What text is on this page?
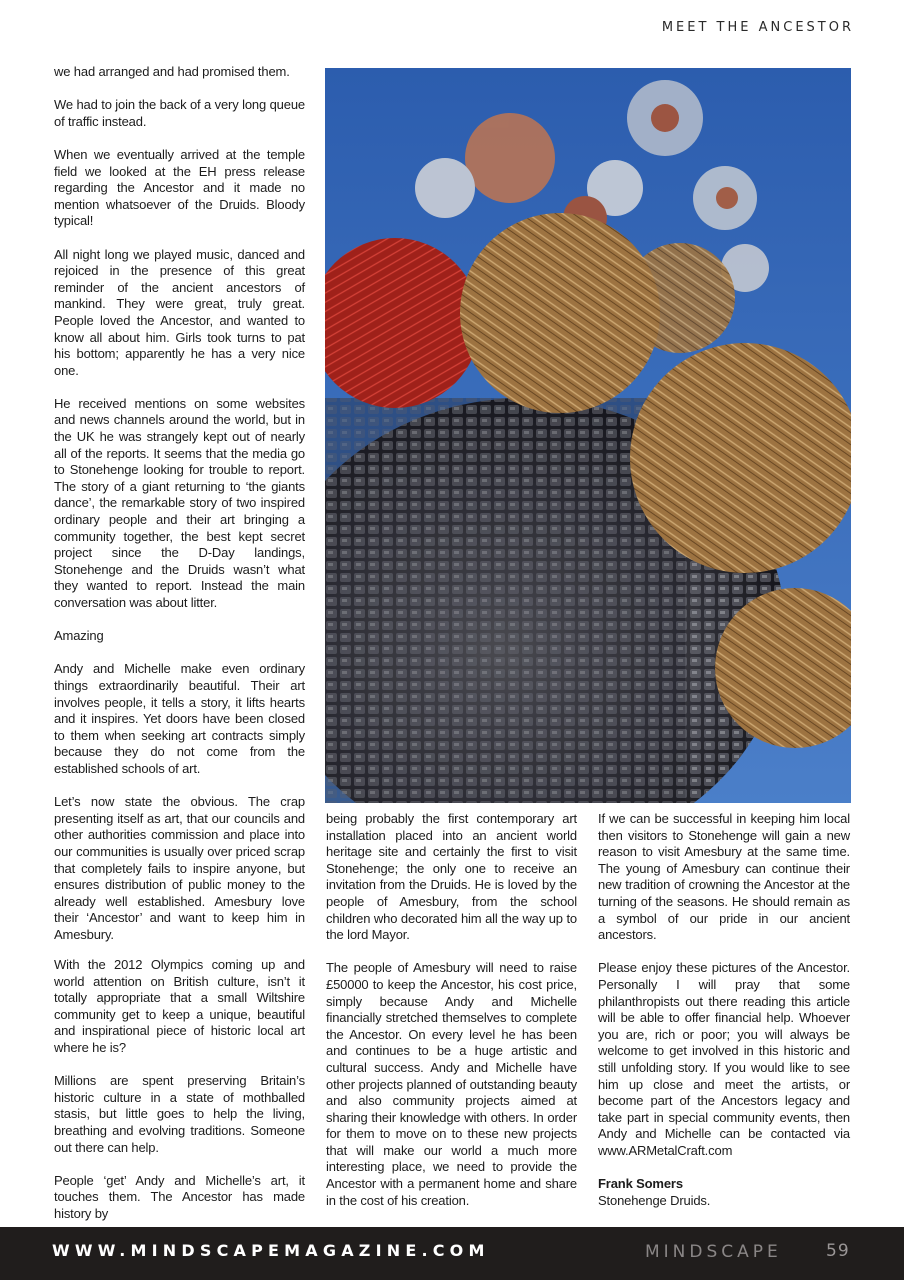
MEET THE ANCESTOR

we had arranged and had promised them.

We had to join the back of a very long queue of traffic instead.

When we eventually arrived at the temple field we looked at the EH press release regarding the Ancestor and it made no mention whatsoever of the Druids. Bloody typical!

All night long we played music, danced and rejoiced in the presence of this great reminder of the ancient ancestors of mankind. They were great, truly great. People loved the Ancestor, and wanted to know all about him. Girls took turns to pat his bottom; apparently he has a very nice one.

He received mentions on some websites and news channels around the world, but in the UK he was strangely kept out of nearly all of the reports. It seems that the media go to Stonehenge looking for trouble to report. The story of a giant returning to ‘the giants dance’, the remarkable story of two inspired ordinary people and their art bringing a community together, the best kept secret project since the D-Day landings, Stonehenge and the Druids wasn’t what they wanted to report. Instead the main conversation was about litter.

Amazing

Andy and Michelle make even ordinary things extraordinarily beautiful. Their art involves people, it tells a story, it lifts hearts and it inspires. Yet doors have been closed to them when seeking art contracts simply because they do not come from the established schools of art.

Let’s now state the obvious. The crap presenting itself as art, that our councils and other authorities commission and place into our communities is usually over priced scrap that completely fails to inspire anyone, but ensures distribution of public money to the already well established. Amesbury love their ‘Ancestor’ and want to keep him in Amesbury.

With the 2012 Olympics coming up and world attention on British culture, isn’t it totally appropriate that a small Wiltshire community get to keep a unique, beautiful and inspirational piece of historic local art where he is?

Millions are spent preserving Britain’s historic culture in a state of mothballed stasis, but little goes to help the living, breathing and evolving traditions. Someone out there can help.

People ‘get’ Andy and Michelle’s art, it touches them. The Ancestor has made history by

being probably the first contemporary art installation placed into an ancient world heritage site and certainly the first to visit Stonehenge; the only one to receive an invitation from the Druids. He is loved by the people of Amesbury, from the school children who decorated him all the way up to the lord Mayor.

The people of Amesbury will need to raise £50000 to keep the Ancestor, his cost price, simply because Andy and Michelle financially stretched themselves to complete the Ancestor. On every level he has been and continues to be a huge artistic and cultural success. Andy and Michelle have other projects planned of outstanding beauty and also community projects aimed at sharing their knowledge with others. In order for them to move on to these new projects that will make our world a much more interesting place, we need to provide the Ancestor with a permanent home and share in the cost of his creation.

If we can be successful in keeping him local then visitors to Stonehenge will gain a new reason to visit Amesbury at the same time. The young of Amesbury can continue their new tradition of crowning the Ancestor at the turning of the seasons. He should remain as a symbol of our pride in our ancient ancestors.

Please enjoy these pictures of the Ancestor. Personally I will pray that some philanthropists out there reading this article will be able to offer financial help. Whoever you are, rich or poor; you will always be welcome to get involved in this historic and still unfolding story. If you would like to see him up close and meet the artists, or become part of the Ancestors legacy and take part in special community events, then Andy and Michelle can be contacted via www.ARMetalCraft.com

Frank Somers
Stonehenge Druids.
WWW.MINDSCAPEMAGAZINE.COM	MINDSCAPE	59
